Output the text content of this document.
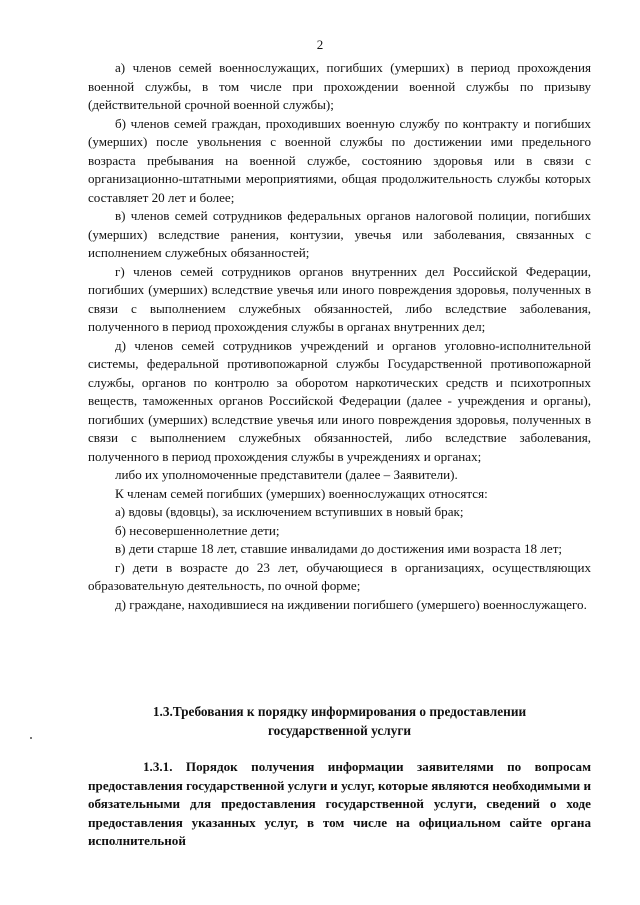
2

а) членов семей военнослужащих, погибших (умерших) в период прохождения военной службы, в том числе при прохождении военной службы по призыву (действительной срочной военной службы);

б) членов семей граждан, проходивших военную службу по контракту и погибших (умерших) после увольнения с военной службы по достижении ими предельного возраста пребывания на военной службе, состоянию здоровья или в связи с организационно-штатными мероприятиями, общая продолжительность службы которых составляет 20 лет и более;

в) членов семей сотрудников федеральных органов налоговой полиции, погибших (умерших) вследствие ранения, контузии, увечья или заболевания, связанных с исполнением служебных обязанностей;

г) членов семей сотрудников органов внутренних дел Российской Федерации, погибших (умерших) вследствие увечья или иного повреждения здоровья, полученных в связи с выполнением служебных обязанностей, либо вследствие заболевания, полученного в период прохождения службы в органах внутренних дел;

д) членов семей сотрудников учреждений и органов уголовно-исполнительной системы, федеральной противопожарной службы Государственной противопожарной службы, органов по контролю за оборотом наркотических средств и психотропных веществ, таможенных органов Российской Федерации (далее - учреждения и органы), погибших (умерших) вследствие увечья или иного повреждения здоровья, полученных в связи с выполнением служебных обязанностей, либо вследствие заболевания, полученного в период прохождения службы в учреждениях и органах;

либо их уполномоченные представители (далее – Заявители).

К членам семей погибших (умерших) военнослужащих относятся:

а) вдовы (вдовцы), за исключением вступивших в новый брак;

б) несовершеннолетние дети;

в) дети старше 18 лет, ставшие инвалидами до достижения ими возраста 18 лет;

г) дети в возрасте до 23 лет, обучающиеся в организациях, осуществляющих образовательную деятельность, по очной форме;

д) граждане, находившиеся на иждивении погибшего (умершего) военнослужащего.

1.3.Требования к порядку информирования о предоставлении
государственной услуги

1.3.1. Порядок получения информации заявителями по вопросам предоставления государственной услуги и услуг, которые являются необходимыми и обязательными для предоставления государственной услуги, сведений о ходе предоставления указанных услуг, в том числе на официальном сайте органа исполнительной
